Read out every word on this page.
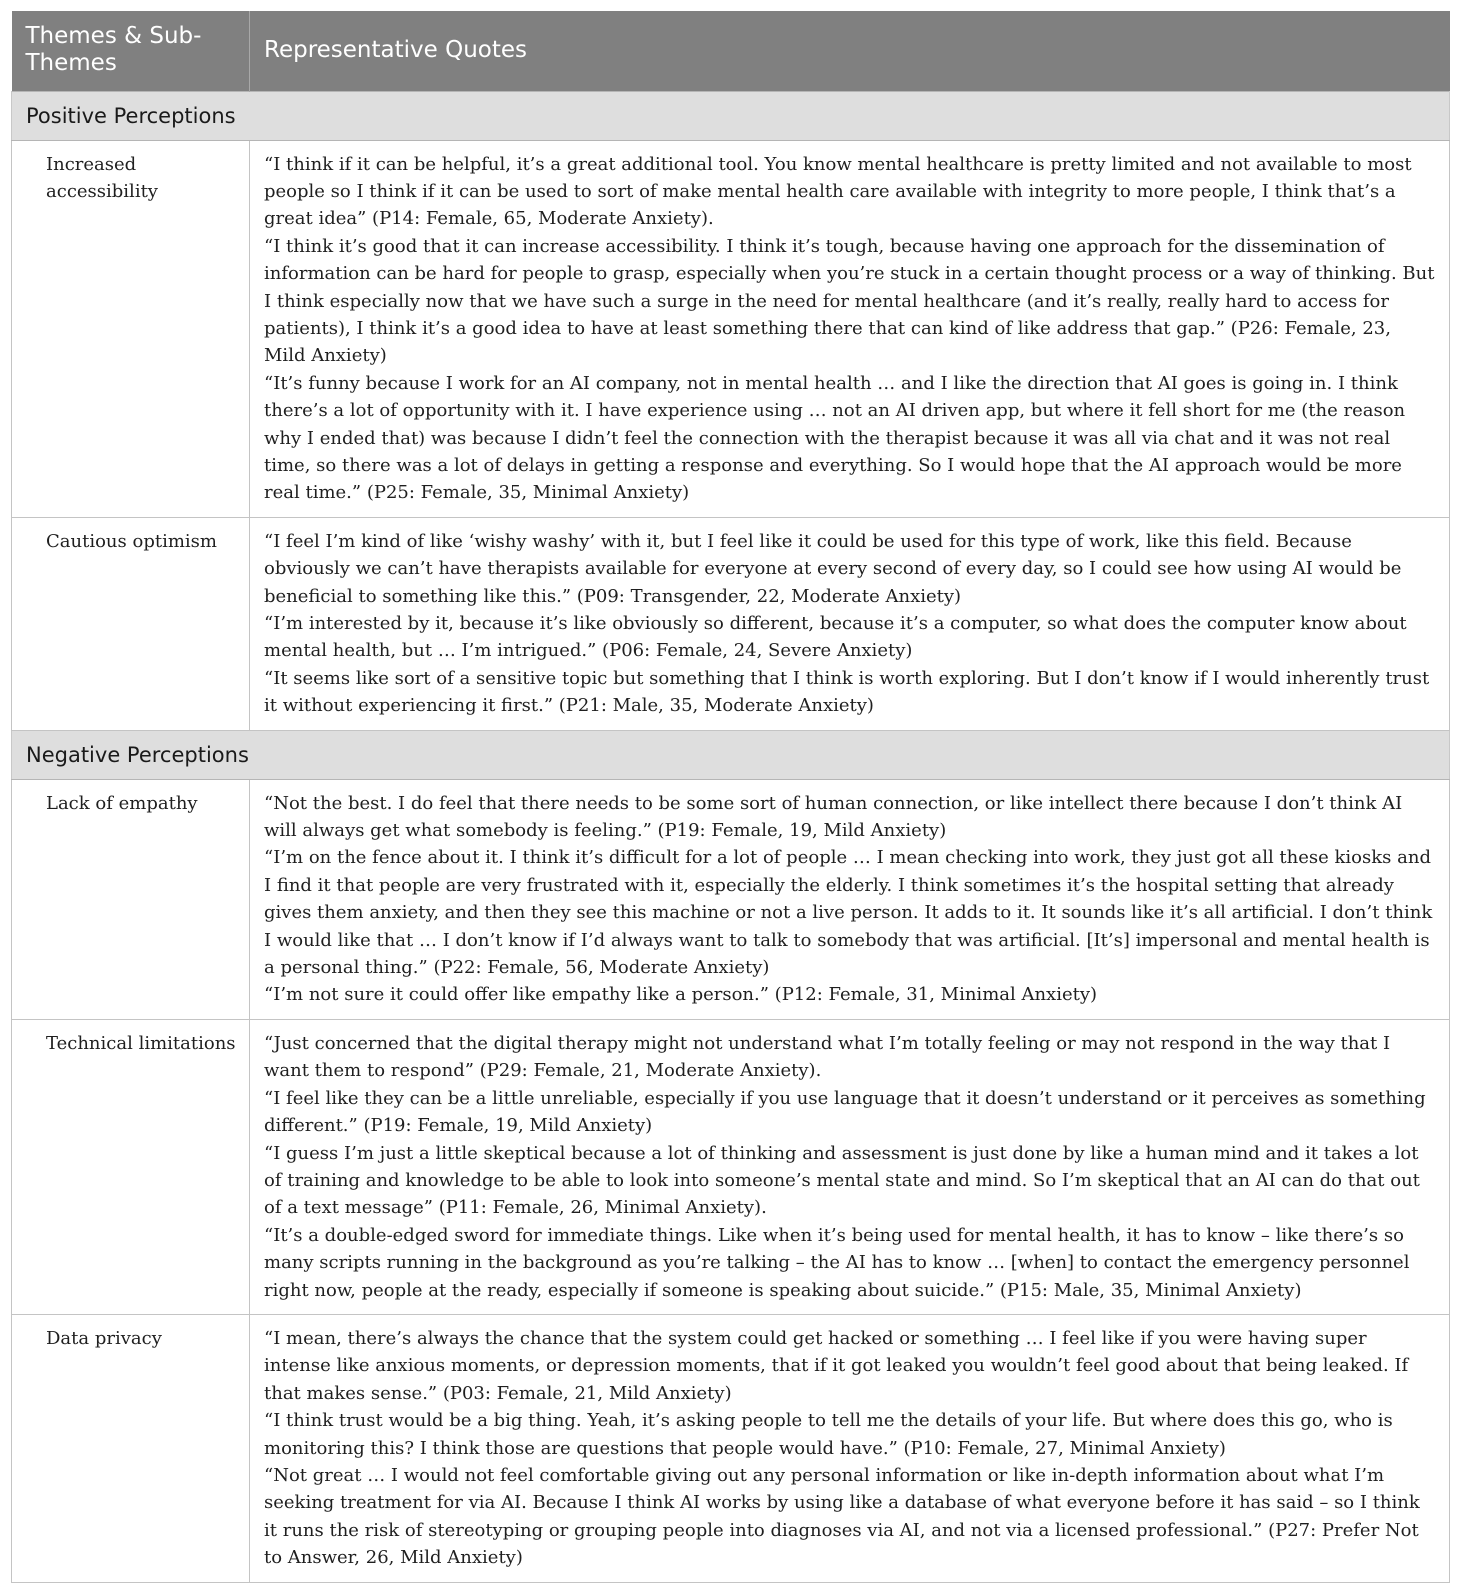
Themes & Sub-Themes	Representative Quotes
Positive Perceptions	
Increased accessibility	“I think if it can be helpful, it’s a great additional tool. You know mental healthcare is pretty limited and not available to most people so I think if it can be used to sort of make mental health care available with integrity to more people, I think that’s a great idea” (P14: Female, 65, Moderate Anxiety).
“I think it’s good that it can increase accessibility. I think it’s tough, because having one approach for the dissemination of information can be hard for people to grasp, especially when you’re stuck in a certain thought process or a way of thinking. But I think especially now that we have such a surge in the need for mental healthcare (and it’s really, really hard to access for patients), I think it’s a good idea to have at least something there that can kind of like address that gap.” (P26: Female, 23, Mild Anxiety)
“It’s funny because I work for an AI company, not in mental health … and I like the direction that AI goes is going in. I think there’s a lot of opportunity with it. I have experience using … not an AI driven app, but where it fell short for me (the reason why I ended that) was because I didn’t feel the connection with the therapist because it was all via chat and it was not real time, so there was a lot of delays in getting a response and everything. So I would hope that the AI approach would be more real time.” (P25: Female, 35, Minimal Anxiety)

Cautious optimism	“I feel I’m kind of like ‘wishy washy’ with it, but I feel like it could be used for this type of work, like this field. Because obviously we can’t have therapists available for everyone at every second of every day, so I could see how using AI would be beneficial to something like this.” (P09: Transgender, 22, Moderate Anxiety)
“I’m interested by it, because it’s like obviously so different, because it’s a computer, so what does the computer know about mental health, but … I’m intrigued.” (P06: Female, 24, Severe Anxiety)
“It seems like sort of a sensitive topic but something that I think is worth exploring. But I don’t know if I would inherently trust it without experiencing it first.” (P21: Male, 35, Moderate Anxiety)

Negative Perceptions	
Lack of empathy	“Not the best. I do feel that there needs to be some sort of human connection, or like intellect there because I don’t think AI will always get what somebody is feeling.” (P19: Female, 19, Mild Anxiety)
“I’m on the fence about it. I think it’s difficult for a lot of people … I mean checking into work, they just got all these kiosks and I find it that people are very frustrated with it, especially the elderly. I think sometimes it’s the hospital setting that already gives them anxiety, and then they see this machine or not a live person. It adds to it. It sounds like it’s all artificial. I don’t think I would like that … I don’t know if I’d always want to talk to somebody that was artificial. [It’s] impersonal and mental health is a personal thing.” (P22: Female, 56, Moderate Anxiety)
“I’m not sure it could offer like empathy like a person.” (P12: Female, 31, Minimal Anxiety)

Technical limitations	“Just concerned that the digital therapy might not understand what I’m totally feeling or may not respond in the way that I want them to respond” (P29: Female, 21, Moderate Anxiety).
“I feel like they can be a little unreliable, especially if you use language that it doesn’t understand or it perceives as something different.” (P19: Female, 19, Mild Anxiety)
“I guess I’m just a little skeptical because a lot of thinking and assessment is just done by like a human mind and it takes a lot of training and knowledge to be able to look into someone’s mental state and mind. So I’m skeptical that an AI can do that out of a text message” (P11: Female, 26, Minimal Anxiety).
“It’s a double-edged sword for immediate things. Like when it’s being used for mental health, it has to know – like there’s so many scripts running in the background as you’re talking – the AI has to know … [when] to contact the emergency personnel right now, people at the ready, especially if someone is speaking about suicide.” (P15: Male, 35, Minimal Anxiety)

Data privacy	“I mean, there’s always the chance that the system could get hacked or something … I feel like if you were having super intense like anxious moments, or depression moments, that if it got leaked you wouldn’t feel good about that being leaked. If that makes sense.” (P03: Female, 21, Mild Anxiety)
“I think trust would be a big thing. Yeah, it’s asking people to tell me the details of your life. But where does this go, who is monitoring this? I think those are questions that people would have.” (P10: Female, 27, Minimal Anxiety)
“Not great … I would not feel comfortable giving out any personal information or like in-depth information about what I’m seeking treatment for via AI. Because I think AI works by using like a database of what everyone before it has said – so I think it runs the risk of stereotyping or grouping people into diagnoses via AI, and not via a licensed professional.” (P27: Prefer Not to Answer, 26, Mild Anxiety)
